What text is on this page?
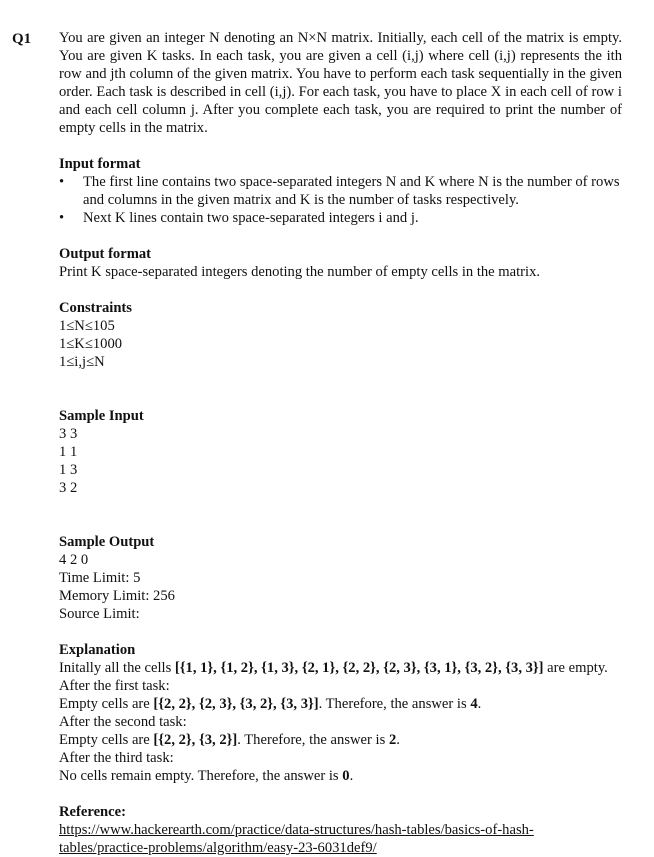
Q1 You are given an integer N denoting an N×N matrix. Initially, each cell of the matrix is empty. You are given K tasks. In each task, you are given a cell (i,j) where cell (i,j) represents the ith row and jth column of the given matrix. You have to perform each task sequentially in the given order. Each task is described in cell (i,j). For each task, you have to place X in each cell of row i and each cell column j. After you complete each task, you are required to print the number of empty cells in the matrix.

Input format

• The first line contains two space-separated integers N and K where N is the number of rows and columns in the given matrix and K is the number of tasks respectively.
• Next K lines contain two space-separated integers i and j.

Output format

Print K space-separated integers denoting the number of empty cells in the matrix.

Constraints

1≤N≤105

1≤K≤1000

1≤i,j≤N

Sample Input

3 3

1 1

1 3

3 2

Sample Output

4 2 0

Time Limit: 5

Memory Limit: 256

Source Limit:

Explanation

Initally all the cells [{1, 1}, {1, 2}, {1, 3}, {2, 1}, {2, 2}, {2, 3}, {3, 1}, {3, 2}, {3, 3}] are empty.

After the first task:

Empty cells are [{2, 2}, {2, 3}, {3, 2}, {3, 3}]. Therefore, the answer is 4.

After the second task:

Empty cells are [{2, 2}, {3, 2}]. Therefore, the answer is 2.

After the third task:

No cells remain empty. Therefore, the answer is 0.

Reference:

https://www.hackerearth.com/practice/data-structures/hash-tables/basics-of-hash-

tables/practice-problems/algorithm/easy-23-6031def9/
